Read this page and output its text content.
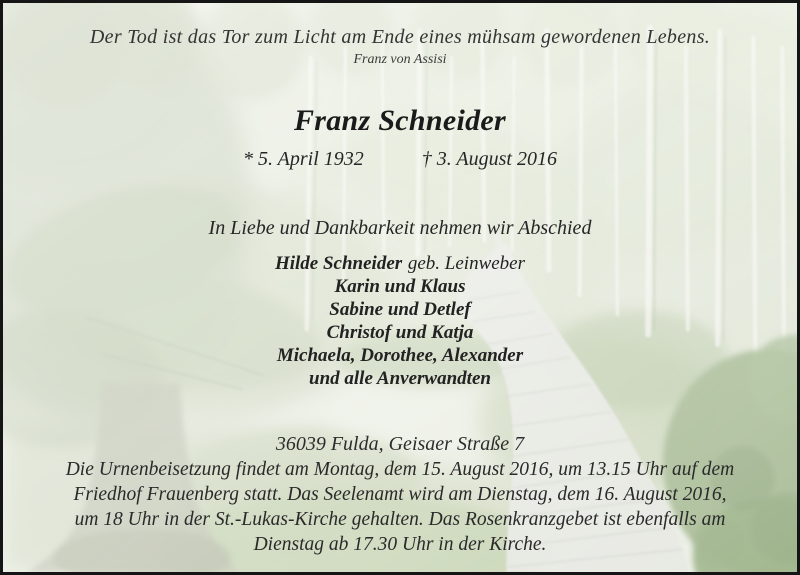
Der Tod ist das Tor zum Licht am Ende eines mühsam gewordenen Lebens.
Franz von Assisi
Franz Schneider
* 5. April 1932	† 3. August 2016
In Liebe und Dankbarkeit nehmen wir Abschied
Hilde Schneider geb. Leinweber
Karin und Klaus
Sabine und Detlef
Christof und Katja
Michaela, Dorothee, Alexander
und alle Anverwandten
36039 Fulda, Geisaer Straße 7
Die Urnenbeisetzung findet am Montag, dem 15. August 2016, um 13.15 Uhr auf dem
Friedhof Frauenberg statt. Das Seelenamt wird am Dienstag, dem 16. August 2016,
um 18 Uhr in der St.-Lukas-Kirche gehalten. Das Rosenkranzgebet ist ebenfalls am
Dienstag ab 17.30 Uhr in der Kirche.
